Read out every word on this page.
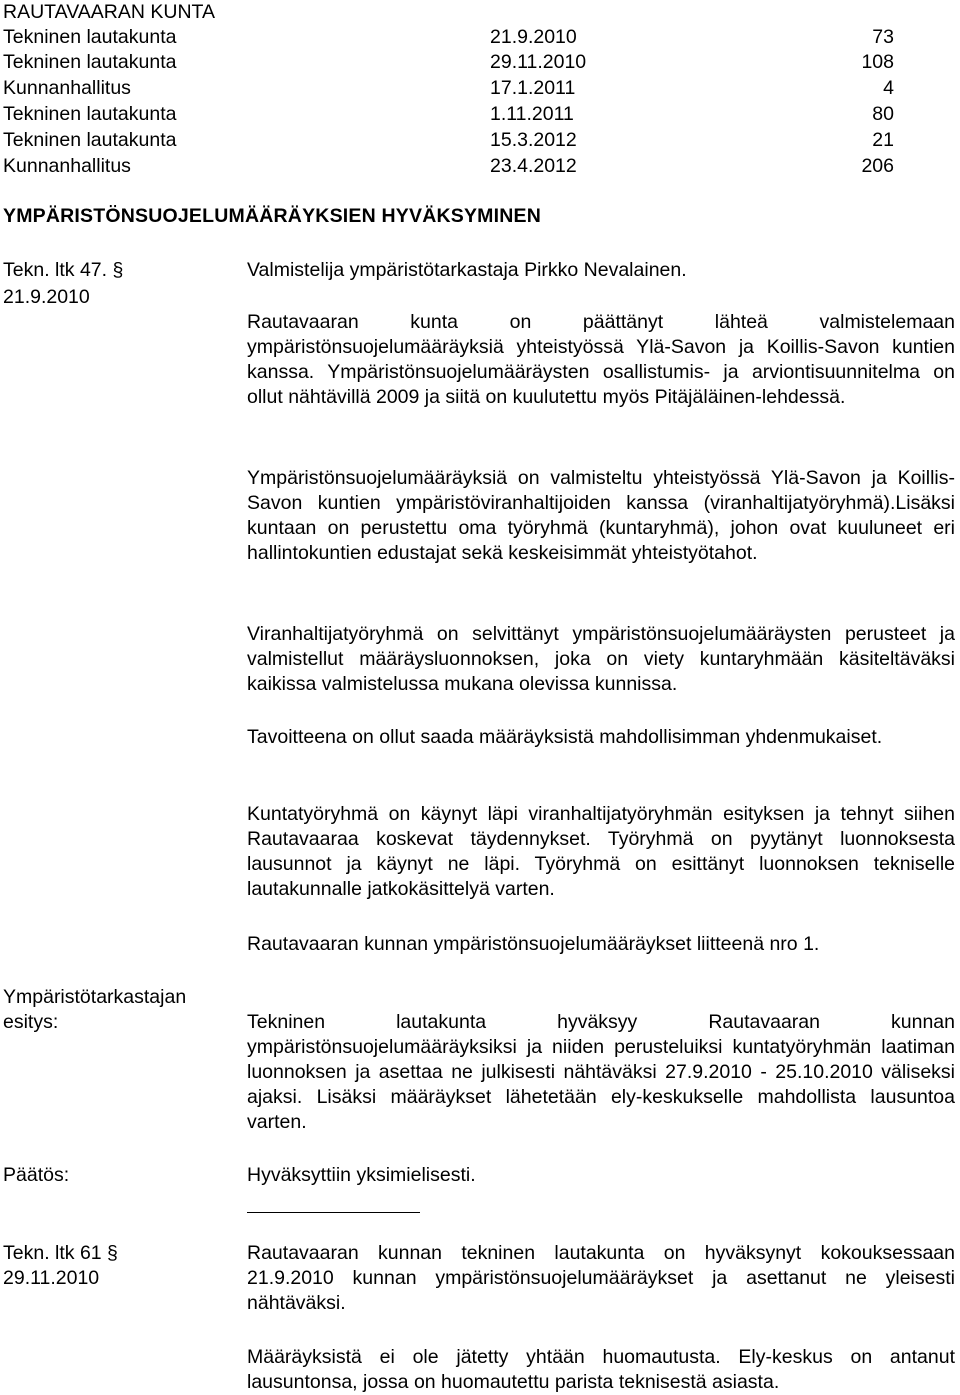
RAUTAVAARAN KUNTA
Tekninen lautakunta	21.9.2010	73
Tekninen lautakunta	29.11.2010	108
Kunnanhallitus	17.1.2011	4
Tekninen lautakunta	1.11.2011	80
Tekninen lautakunta	15.3.2012	21
Kunnanhallitus	23.4.2012	206
YMPÄRISTÖNSUOJELUMÄÄRÄYKSIEN HYVÄKSYMINEN
Tekn. ltk 47. §
21.9.2010
Valmistelija ympäristötarkastaja Pirkko Nevalainen.
Rautavaaran kunta on päättänyt lähteä valmistelemaan ympäristönsuojelumääräyksiä yhteistyössä Ylä-Savon ja Koillis-Savon kuntien kanssa. Ympäristönsuojelumääräysten osallistumis- ja arviontisuunnitelma on ollut nähtävillä 2009 ja siitä on kuulutettu myös Pitäjäläinen-lehdessä.
Ympäristönsuojelumääräyksiä on valmisteltu yhteistyössä Ylä-Savon ja Koillis-Savon kuntien ympäristöviranhaltijoiden kanssa (viranhaltijatyöryhmä).Lisäksi kuntaan on perustettu oma työryhmä (kuntaryhmä), johon ovat kuuluneet eri hallintokuntien edustajat sekä keskeisimmät yhteistyötahot.
Viranhaltijatyöryhmä on selvittänyt ympäristönsuojelumääräysten perusteet ja valmistellut määräysluonnoksen, joka on viety kuntaryhmään käsiteltäväksi kaikissa valmistelussa mukana olevissa kunnissa.
Tavoitteena on ollut saada määräyksistä mahdollisimman yhdenmukaiset.
Kuntatyöryhmä on käynyt läpi viranhaltijatyöryhmän esityksen ja tehnyt siihen Rautavaaraa koskevat täydennykset. Työryhmä on pyytänyt luonnoksesta lausunnot ja käynyt ne läpi. Työryhmä on esittänyt luonnoksen tekniselle lautakunnalle jatkokäsittelyä varten.
Rautavaaran kunnan ympäristönsuojelumääräykset liitteenä nro 1.
Ympäristötarkastajan esitys:	Tekninen lautakunta hyväksyy Rautavaaran kunnan ympäristönsuojelumääräyksiksi ja niiden perusteluiksi kuntatyöryhmän laatiman luonnoksen ja asettaa ne julkisesti nähtäväksi 27.9.2010 - 25.10.2010 väliseksi ajaksi. Lisäksi määräykset lähetetään ely-keskukselle mahdollista lausuntoa varten.
Päätös:	Hyväksyttiin yksimielisesti.
Tekn. ltk 61 §
29.11.2010
Rautavaaran kunnan tekninen lautakunta on hyväksynyt kokouksessaan 21.9.2010 kunnan ympäristönsuojelumääräykset ja asettanut ne yleisesti nähtäväksi.
Määräyksistä ei ole jätetty yhtään huomautusta. Ely-keskus on antanut lausuntonsa, jossa on huomautettu parista teknisestä asiasta.
